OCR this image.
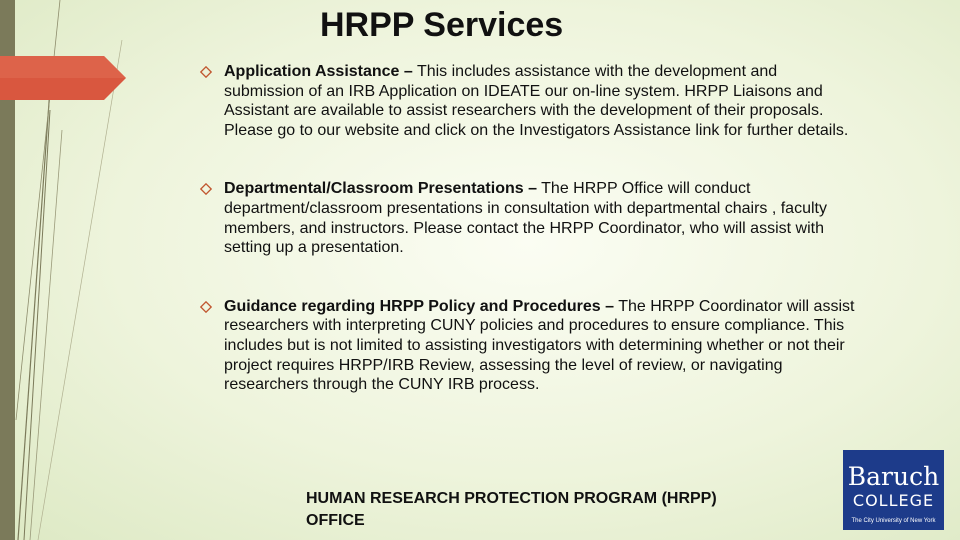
HRPP Services
Application Assistance – This includes assistance with the development and submission of an IRB Application on IDEATE our on-line system. HRPP Liaisons and Assistant are available to assist researchers with the development of their proposals. Please go to our website and click on the Investigators Assistance link for further details.
Departmental/Classroom Presentations – The HRPP Office will conduct department/classroom presentations in consultation with departmental chairs , faculty members, and instructors. Please contact the HRPP Coordinator, who will assist with setting up a presentation.
Guidance regarding HRPP Policy and Procedures – The HRPP Coordinator will assist researchers with interpreting CUNY policies and procedures to ensure compliance. This includes but is not limited to assisting investigators with determining whether or not their project requires HRPP/IRB Review, assessing the level of review, or navigating researchers through the CUNY IRB process.
HUMAN RESEARCH PROTECTION PROGRAM (HRPP)
OFFICE
Baruch
COLLEGE
The City University of New York
